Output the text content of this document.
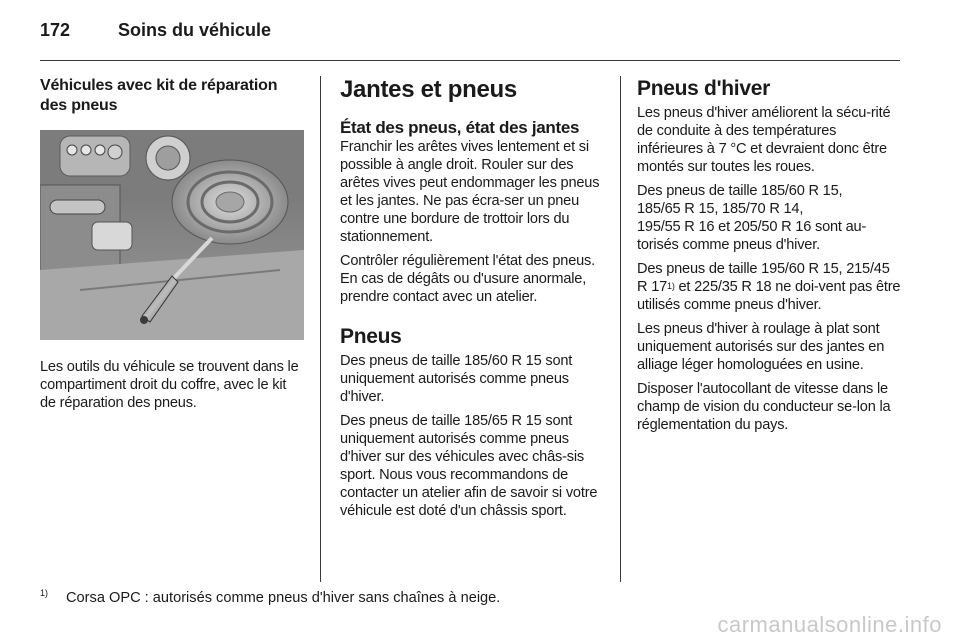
172	Soins du véhicule
Véhicules avec kit de réparation des pneus

Les outils du véhicule se trouvent dans le compartiment droit du coffre, avec le kit de réparation des pneus.

Jantes et pneus
État des pneus, état des jantes

Franchir les arêtes vives lentement et si possible à angle droit. Rouler sur des arêtes vives peut endommager les pneus et les jantes. Ne pas écra-ser un pneu contre une bordure de trottoir lors du stationnement.

Contrôler régulièrement l'état des pneus. En cas de dégâts ou d'usure anormale, prendre contact avec un atelier.

Pneus

Des pneus de taille 185/60 R 15 sont uniquement autorisés comme pneus d'hiver.

Des pneus de taille 185/65 R 15 sont uniquement autorisés comme pneus d'hiver sur des véhicules avec châs-sis sport. Nous vous recommandons de contacter un atelier afin de savoir si votre véhicule est doté d'un châssis sport.

Pneus d'hiver

Les pneus d'hiver améliorent la sécu-rité de conduite à des températures inférieures à 7 °C et devraient donc être montés sur toutes les roues.

Des pneus de taille 185/60 R 15,
185/65 R 15, 185/70 R 14,
195/55 R 16 et 205/50 R 16 sont au-torisés comme pneus d'hiver.

Des pneus de taille 195/60 R 15, 215/45 R 17$^{1)}$ et 225/35 R 18 ne doi-vent pas être utilisés comme pneus d'hiver.

Les pneus d'hiver à roulage à plat sont uniquement autorisés sur des jantes en alliage léger homologuées en usine.

Disposer l'autocollant de vitesse dans le champ de vision du conducteur se-lon la réglementation du pays.

$^{1)}$ Corsa OPC : autorisés comme pneus d'hiver sans chaînes à neige.
carmanualsonline.info
